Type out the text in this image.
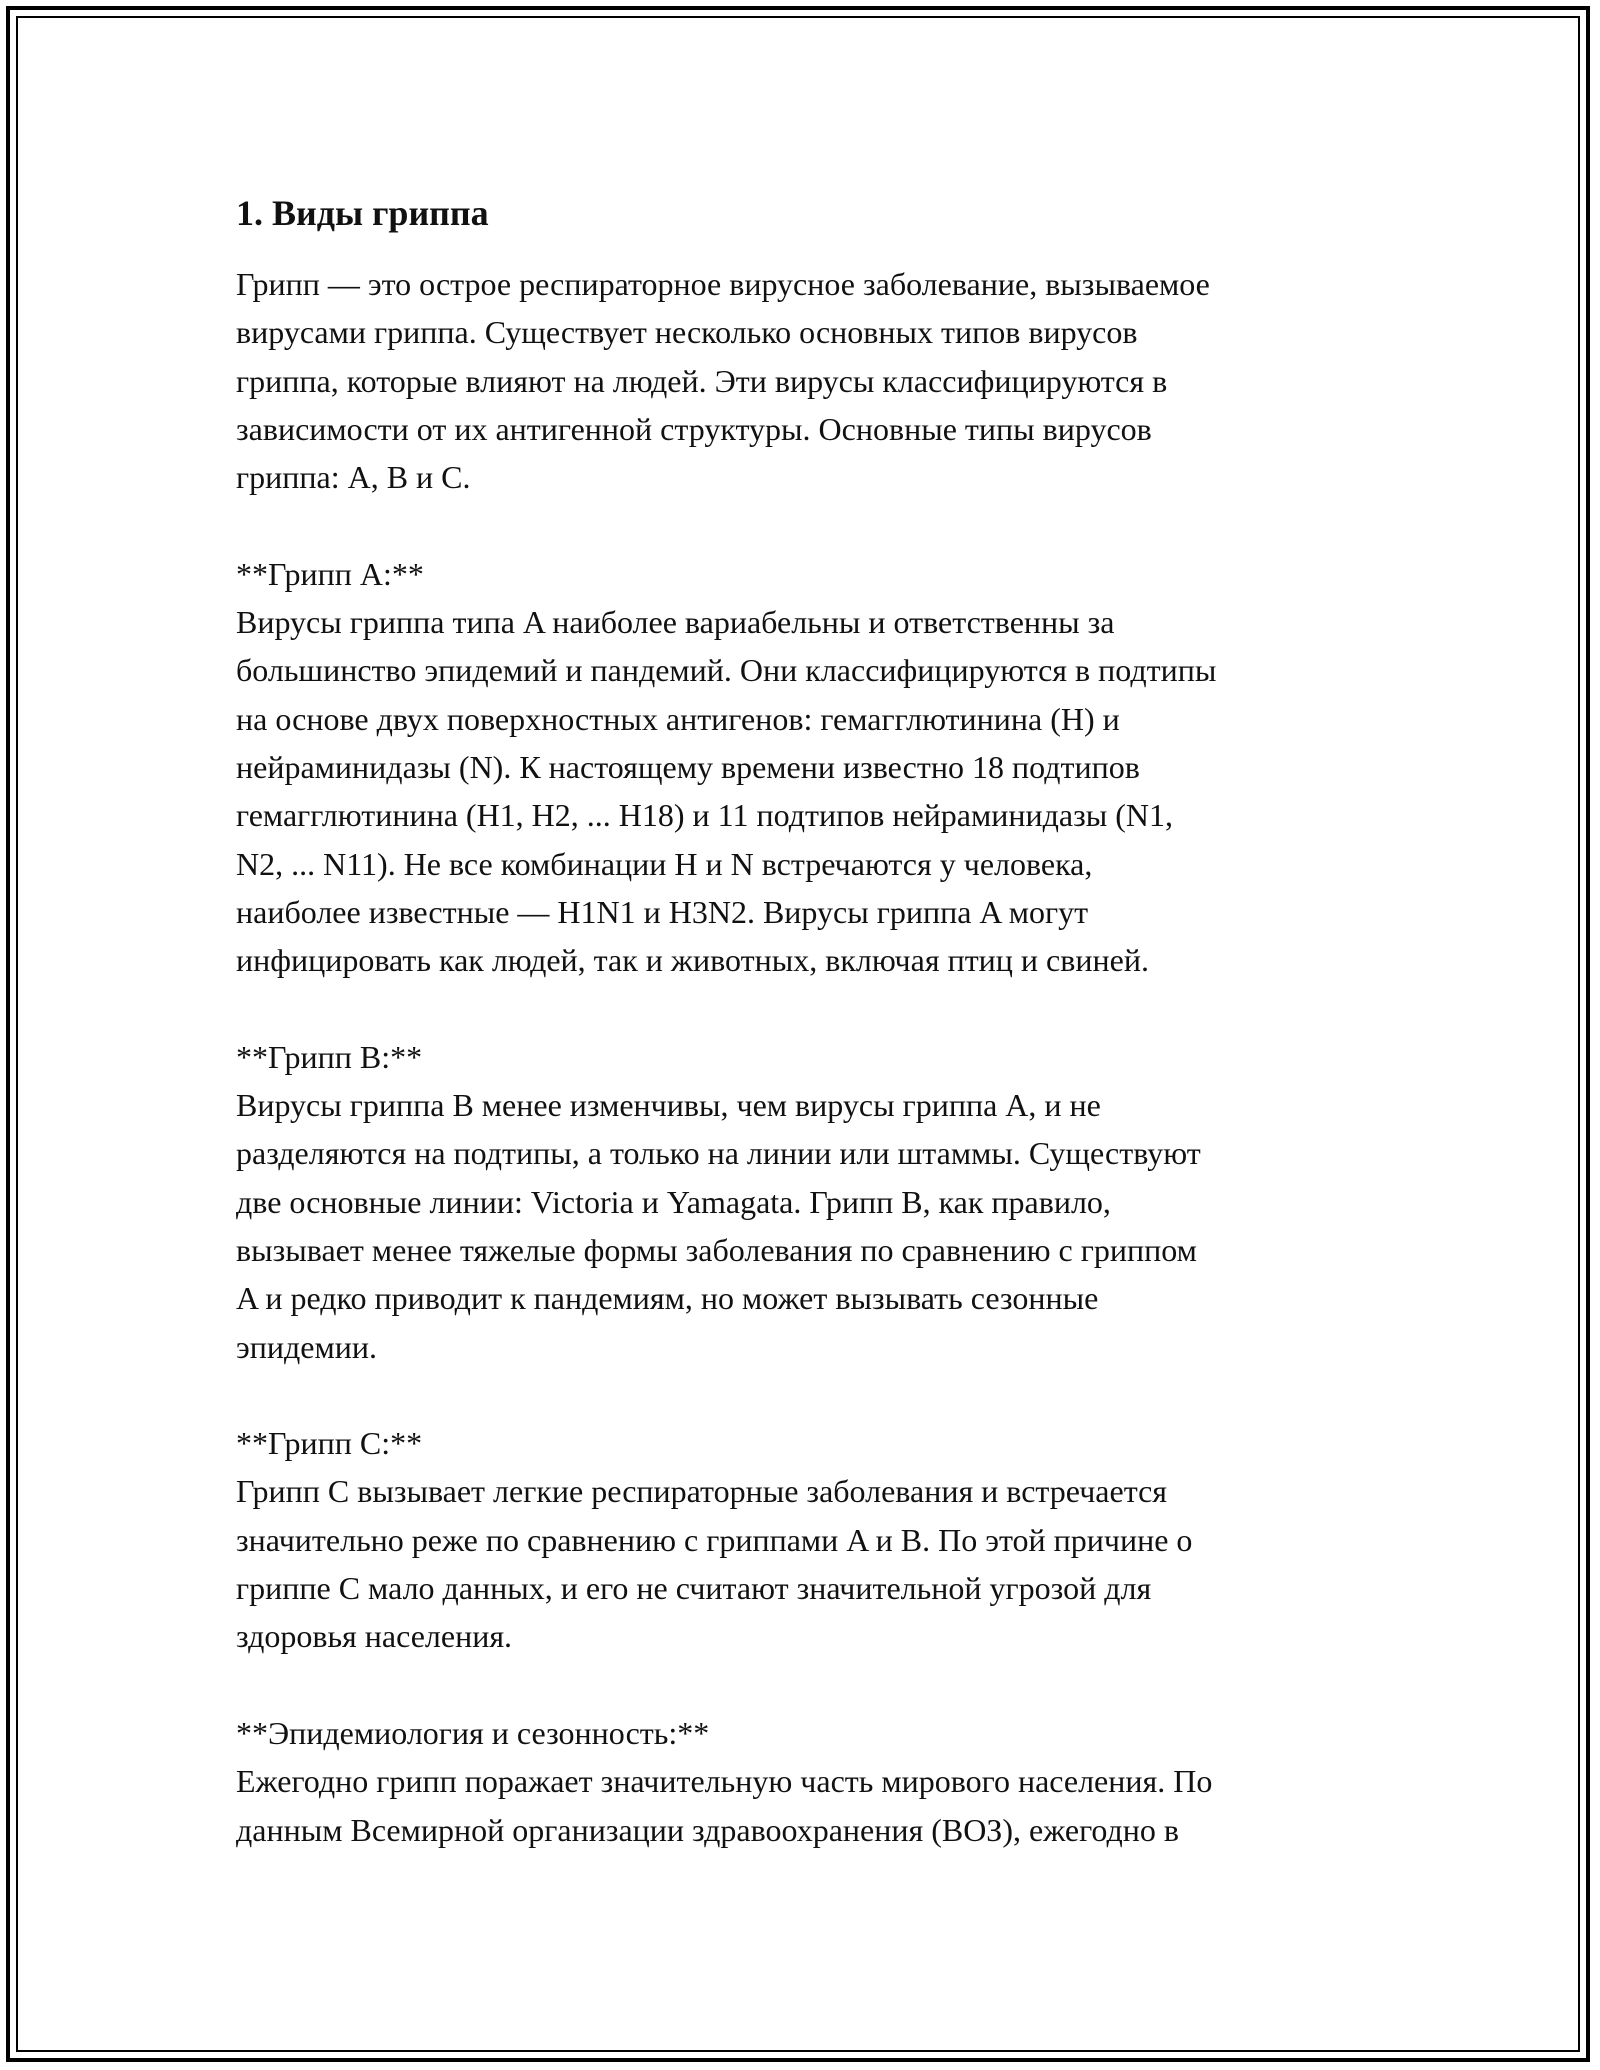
1. Виды гриппа
Грипп — это острое респираторное вирусное заболевание, вызываемое
вирусами гриппа. Существует несколько основных типов вирусов
гриппа, которые влияют на людей. Эти вирусы классифицируются в
зависимости от их антигенной структуры. Основные типы вирусов
гриппа: A, B и C.
**Грипп A:**
Вирусы гриппа типа A наиболее вариабельны и ответственны за
большинство эпидемий и пандемий. Они классифицируются в подтипы
на основе двух поверхностных антигенов: гемагглютинина (H) и
нейраминидазы (N). К настоящему времени известно 18 подтипов
гемагглютинина (H1, H2, ... H18) и 11 подтипов нейраминидазы (N1,
N2, ... N11). Не все комбинации H и N встречаются у человека,
наиболее известные — H1N1 и H3N2. Вирусы гриппа A могут
инфицировать как людей, так и животных, включая птиц и свиней.
**Грипп B:**
Вирусы гриппа B менее изменчивы, чем вирусы гриппа A, и не
разделяются на подтипы, а только на линии или штаммы. Существуют
две основные линии: Victoria и Yamagata. Грипп B, как правило,
вызывает менее тяжелые формы заболевания по сравнению с гриппом
A и редко приводит к пандемиям, но может вызывать сезонные
эпидемии.
**Грипп C:**
Грипп C вызывает легкие респираторные заболевания и встречается
значительно реже по сравнению с гриппами A и B. По этой причине о
гриппе C мало данных, и его не считают значительной угрозой для
здоровья населения.
**Эпидемиология и сезонность:**
Ежегодно грипп поражает значительную часть мирового населения. По
данным Всемирной организации здравоохранения (ВОЗ), ежегодно в
